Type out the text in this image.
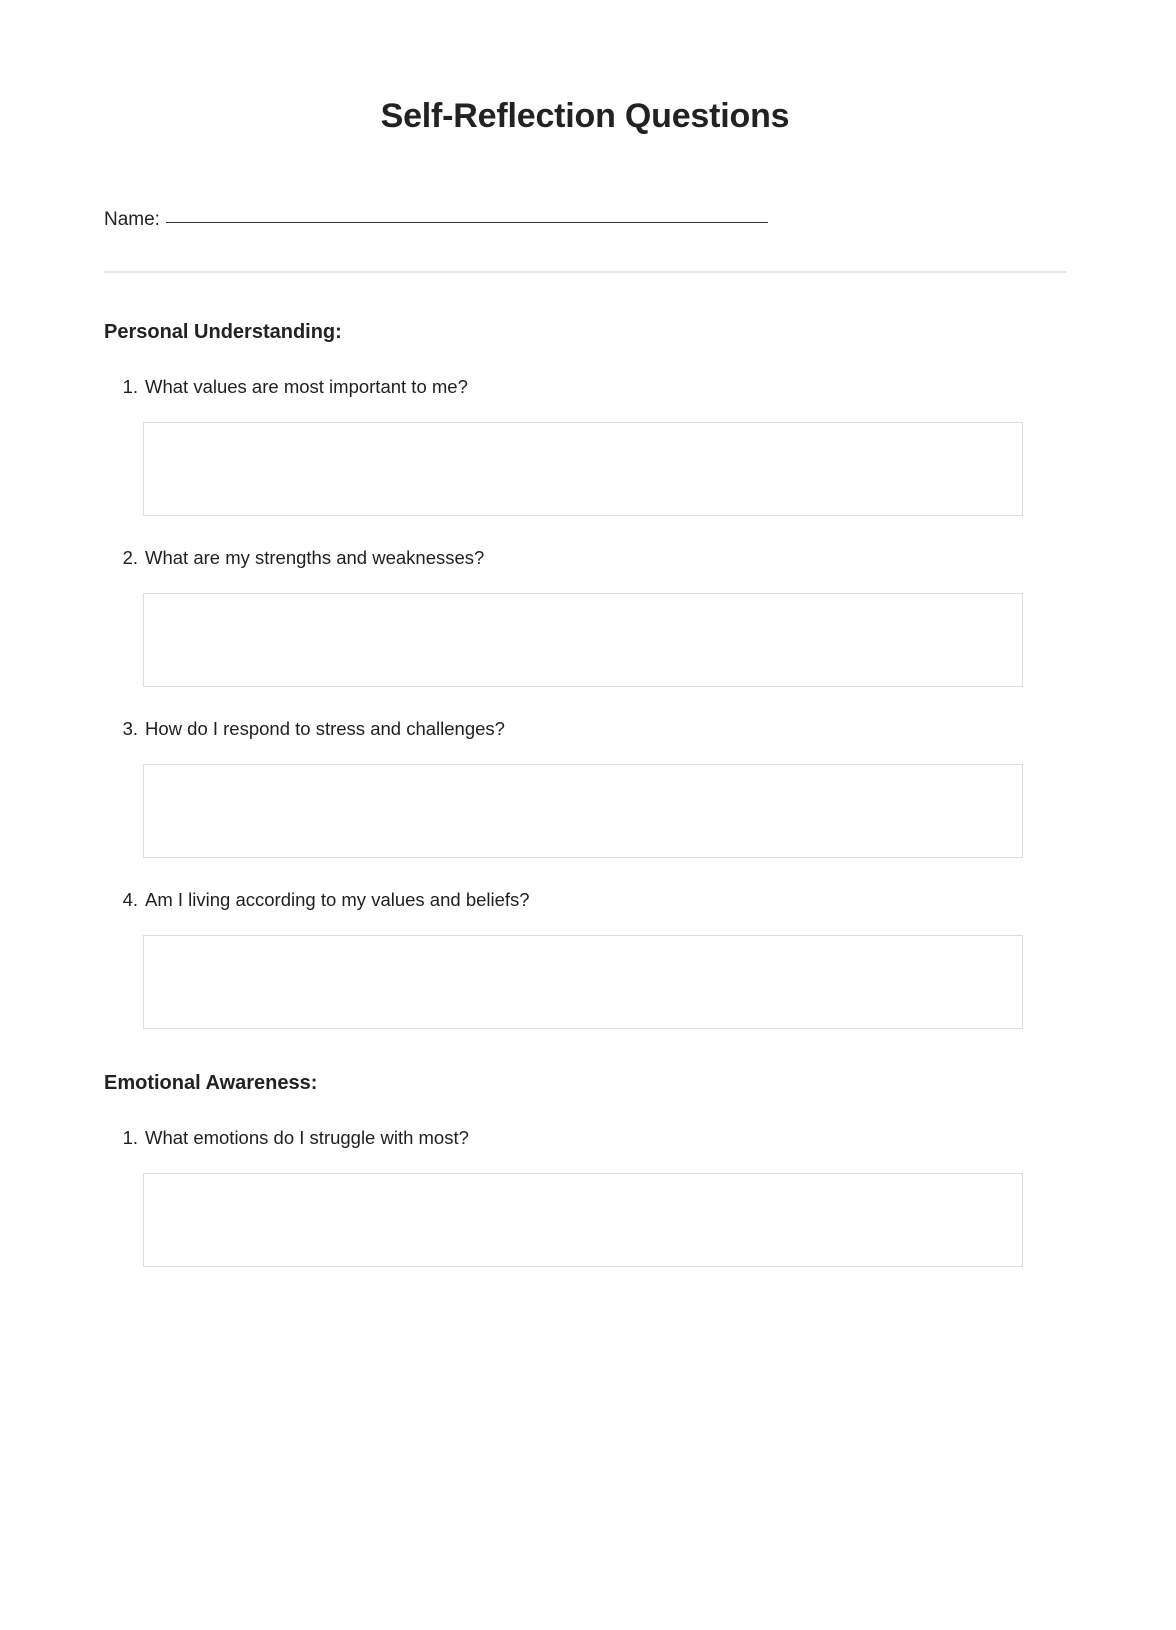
Self-Reflection Questions
Name:
Personal Understanding:
1. What values are most important to me?
2. What are my strengths and weaknesses?
3. How do I respond to stress and challenges?
4. Am I living according to my values and beliefs?
Emotional Awareness:
1. What emotions do I struggle with most?
